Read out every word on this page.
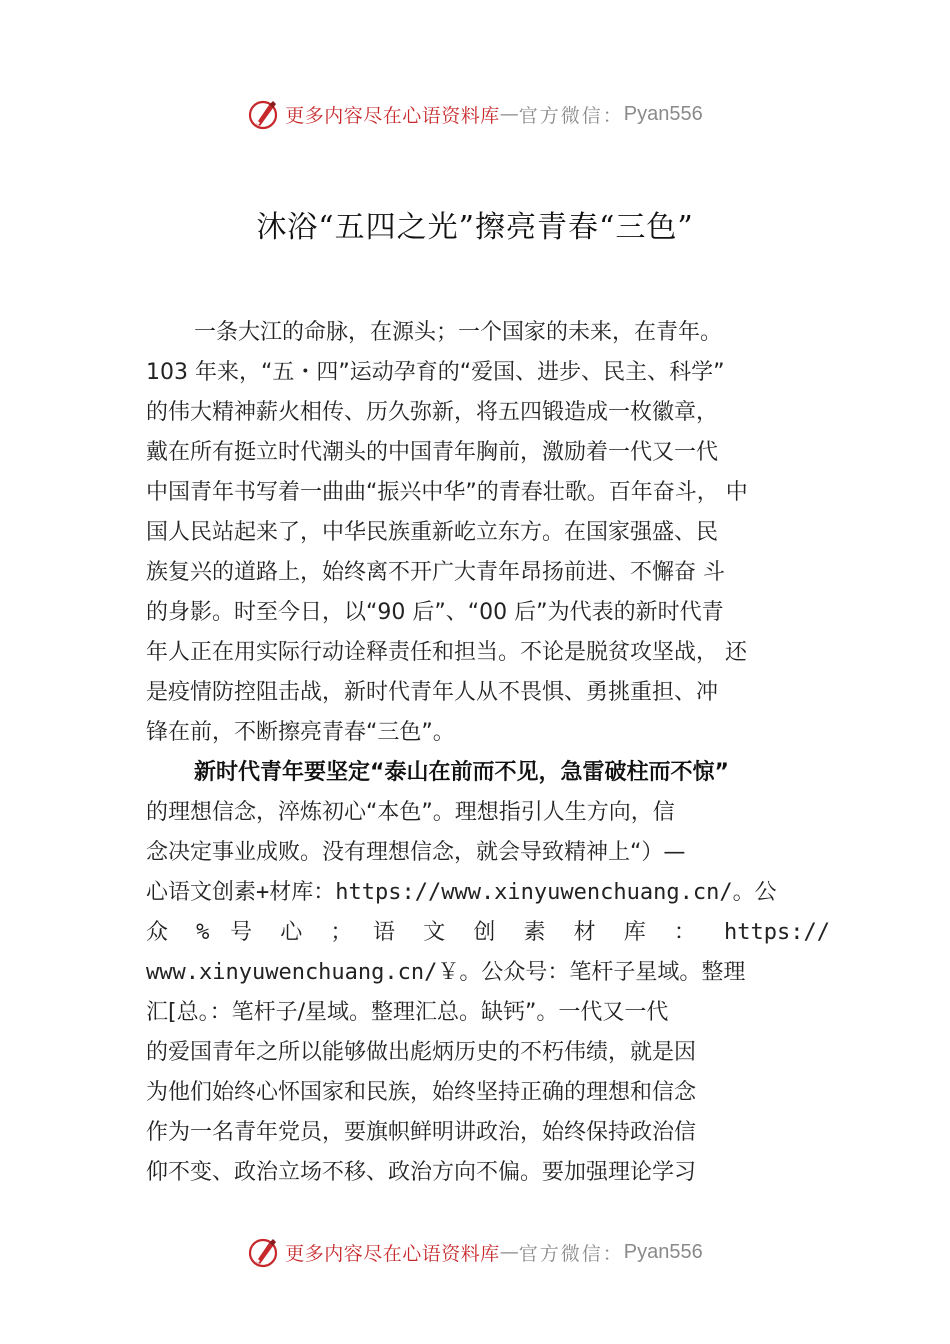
更多内容尽在心语资料库 — 官方微信： Pyan556
沐浴“五四之光”擦亮青春“三色”
一条大江的命脉，在源头；一个国家的未来，在青年。
103 年来，“五・四”运动孕育的“爱国、进步、民主、科学”
的伟大精神薪火相传、历久弥新，将五四锻造成一枚徽章，
戴在所有挺立时代潮头的中国青年胸前，激励着一代又一代
中国青年书写着一曲曲“振兴中华”的青春壮歌。百年奋斗， 中
国人民站起来了，中华民族重新屹立东方。在国家强盛、民
族复兴的道路上，始终离不开广大青年昂扬前进、不懈奋 斗
的身影。时至今日，以“90 后”、“00 后”为代表的新时代青
年人正在用实际行动诠释责任和担当。不论是脱贫攻坚战， 还
是疫情防控阻击战，新时代青年人从不畏惧、勇挑重担、冲
锋在前，不断擦亮青春“三色”。
新时代青年要坚定“泰山在前而不见，急雷破柱而不惊”
的理想信念，淬炼初心“本色”。理想指引人生方向，信
念决定事业成败。没有理想信念，就会导致精神上“）—
心语文创素+材库：https://www.xinyuwenchuang.cn/。公
众 % 号 心 ； 语 文 创 素 材 库 ： https://
www.xinyuwenchuang.cn/￥。公众号：笔杆子星域。整理
汇[总。：笔杆子/星域。整理汇总。缺钙”。一代又一代
的爱国青年之所以能够做出彪炳历史的不朽伟绩，就是因
为他们始终心怀国家和民族，始终坚持正确的理想和信念
作为一名青年党员，要旗帜鲜明讲政治，始终保持政治信
仰不变、政治立场不移、政治方向不偏。要加强理论学习
更多内容尽在心语资料库 — 官方微信： Pyan556
